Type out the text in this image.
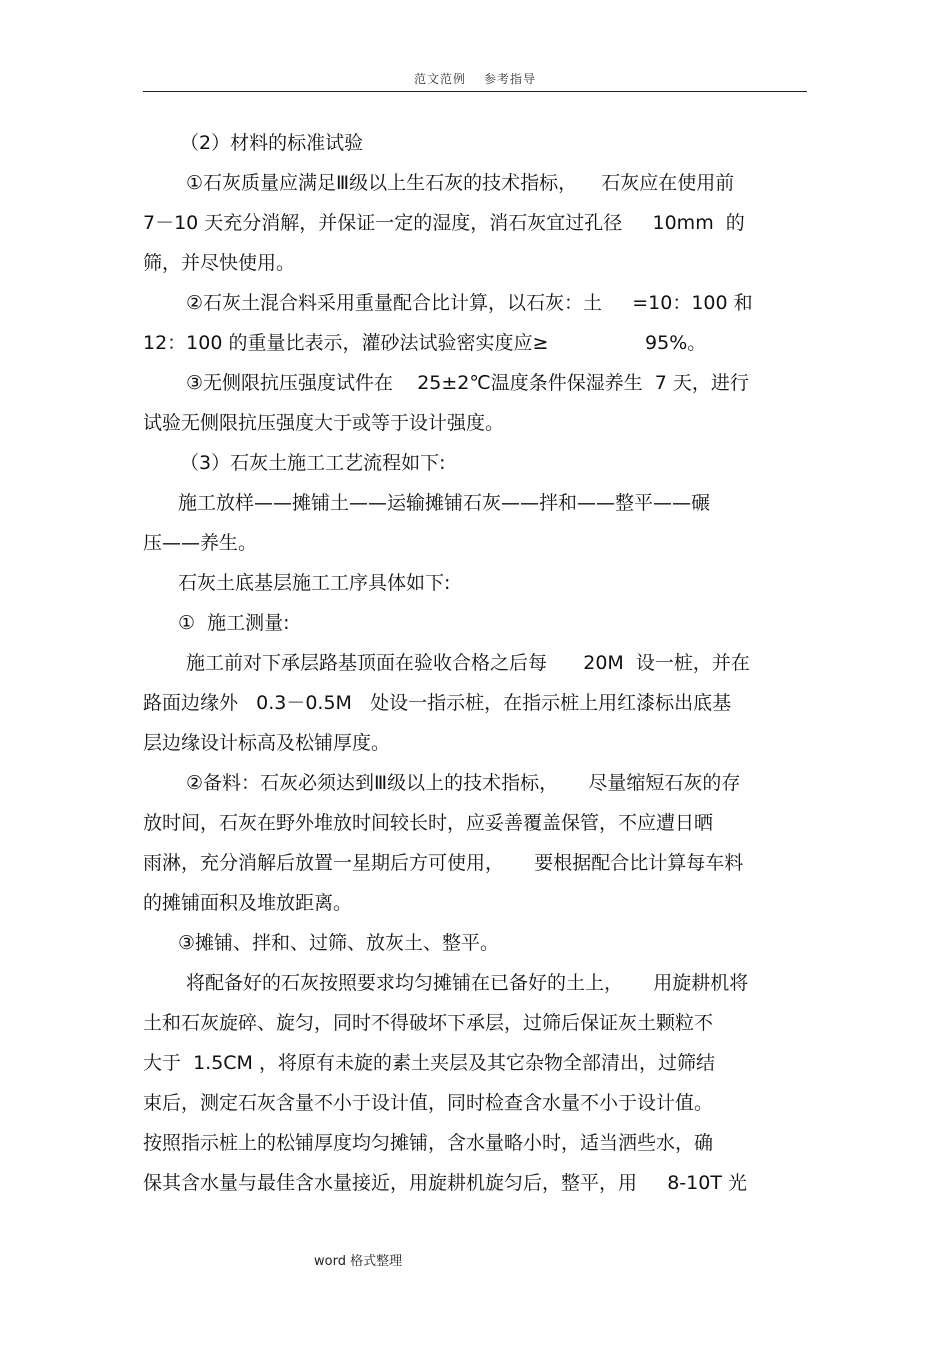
范文范例 参考指导
（2）材料的标准试验
①石灰质量应满足Ⅲ级以上生石灰的技术指标，    石灰应在使用前
7－10 天充分消解，并保证一定的湿度，消石灰宜过孔径     10mm  的
筛，并尽快使用。
②石灰土混合料采用重量配合比计算，以石灰：土     =10：100 和
12：100 的重量比表示，灌砂法试验密实度应≥                95%。
③无侧限抗压强度试件在    25±2℃温度条件保湿养生  7 天，进行
试验无侧限抗压强度大于或等于设计强度。
（3）石灰土施工工艺流程如下:
施工放样——摊铺土——运输摊铺石灰——拌和——整平——碾
压——养生。
石灰土底基层施工工序具体如下:
①  施工测量:
施工前对下承层路基顶面在验收合格之后每      20M  设一桩，并在
路面边缘外   0.3－0.5M   处设一指示桩，在指示桩上用红漆标出底基
层边缘设计标高及松铺厚度。
②备料：石灰必须达到Ⅲ级以上的技术指标，     尽量缩短石灰的存
放时间，石灰在野外堆放时间较长时，应妥善覆盖保管，不应遭日晒
雨淋，充分消解后放置一星期后方可使用，     要根据配合比计算每车料
的摊铺面积及堆放距离。
③摊铺、拌和、过筛、放灰土、整平。
将配备好的石灰按照要求均匀摊铺在已备好的土上，     用旋耕机将
土和石灰旋碎、旋匀，同时不得破坏下承层，过筛后保证灰土颗粒不
大于  1.5CM ，将原有未旋的素土夹层及其它杂物全部清出，过筛结
束后，测定石灰含量不小于设计值，同时检查含水量不小于设计值。
按照指示桩上的松铺厚度均匀摊铺，含水量略小时，适当洒些水，确
保其含水量与最佳含水量接近，用旋耕机旋匀后，整平，用     8-10T 光
word 格式整理
